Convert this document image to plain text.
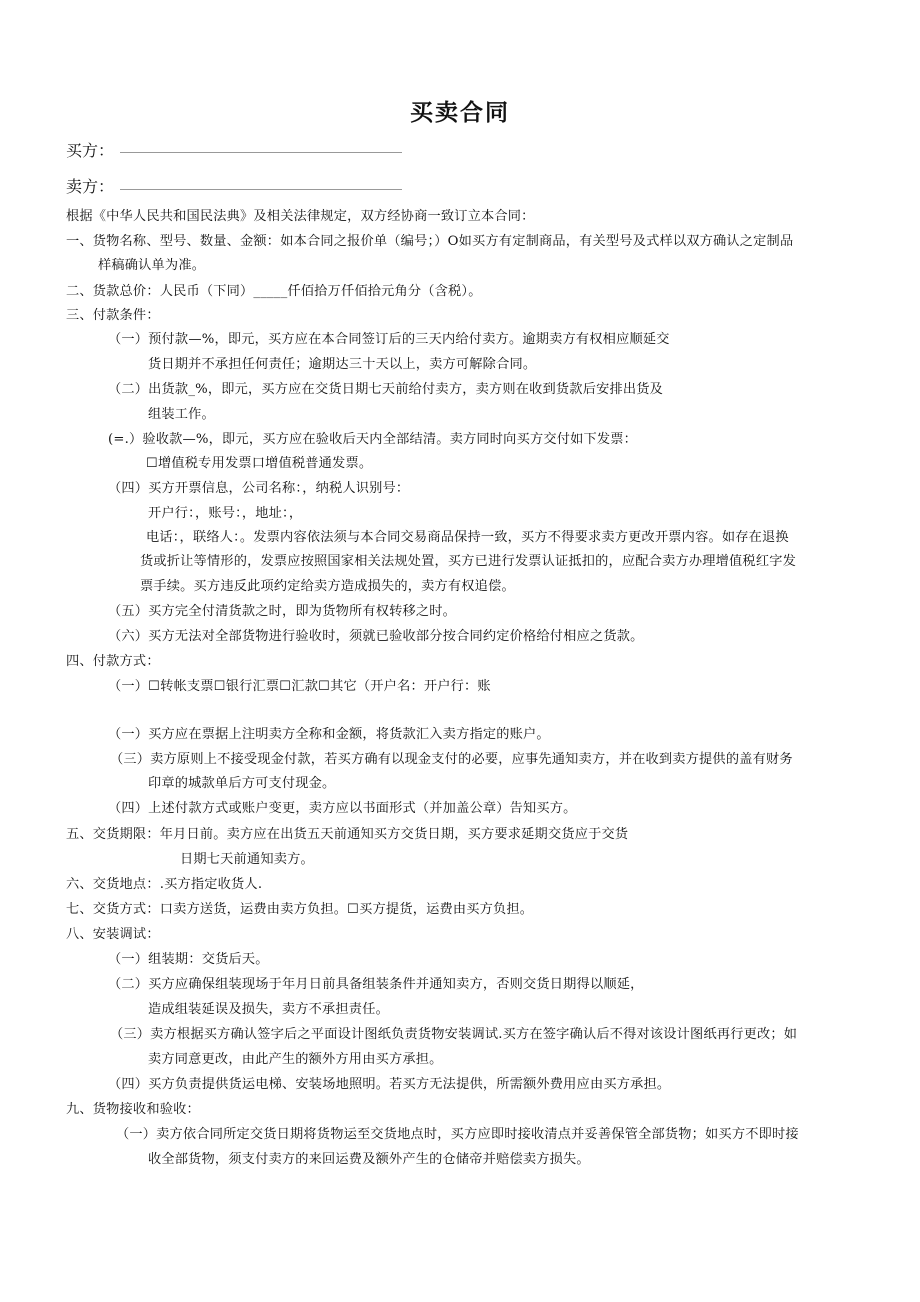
买卖合同
买方：
卖方：
根据《中华人民共和国民法典》及相关法律规定，双方经协商一致订立本合同：
一、货物名称、型号、数量、金额：如本合同之报价单（编号；）O如买方有定制商品，有关型号及式样以双方确认之定制品
样稿确认单为准。
二、货款总价：人民币（下同）_____仟佰拾万仟佰拾元角分（含税）。
三、付款条件：
（一）预付款—%，即元，买方应在本合同签订后的三天内给付卖方。逾期卖方有权相应顺延交
货日期并不承担任何责任；逾期达三十天以上，卖方可解除合同。
（二）出货款_%，即元，买方应在交货日期七天前给付卖方，卖方则在收到货款后安排出货及
组装工作。
(=.）验收款—%，即元，买方应在验收后天内全部结清。卖方同时向买方交付如下发票：
☐增值税专用发票口增值税普通发票。
（四）买方开票信息，公司名称：，纳税人识别号：
开户行：，账号：，地址：，
电话：，联络人：。发票内容依法须与本合同交易商品保持一致，买方不得要求卖方更改开票内容。如存在退换
货或折让等情形的，发票应按照国家相关法规处置，买方已进行发票认证抵扣的，应配合卖方办理增值税红字发
票手续。买方违反此项约定给卖方造成损失的，卖方有权追偿。
（五）买方完全付清货款之时，即为货物所有权转移之时。
（六）买方无法对全部货物进行验收时，须就已验收部分按合同约定价格给付相应之货款。
四、付款方式：
（一）☐转帐支票☐银行汇票☐汇款☐其它（开户名：开户行：账
（一）买方应在票据上注明卖方全称和金额，将货款汇入卖方指定的账户。
（三）卖方原则上不接受现金付款，若买方确有以现金支付的必要，应事先通知卖方，并在收到卖方提供的盖有财务
印章的城款单后方可支付现金。
（四）上述付款方式或账户变更，卖方应以书面形式（并加盖公章）告知买方。
五、交货期限：年月日前。卖方应在出货五天前通知买方交货日期，买方要求延期交货应于交货
日期七天前通知卖方。
六、交货地点：.买方指定收货人.
七、交货方式：口卖方送货，运费由卖方负担。☐买方提货，运费由买方负担。
八、安装调试：
（一）组装期：交货后天。
（二）买方应确保组装现场于年月日前具备组装条件并通知卖方，否则交货日期得以顺延，
造成组装延误及损失，卖方不承担责任。
（三）卖方根据买方确认签字后之平面设计图纸负责货物安装调试.买方在签字确认后不得对该设计图纸再行更改；如
卖方同意更改，由此产生的额外方用由买方承担。
（四）买方负责提供货运电梯、安装场地照明。若买方无法提供，所需额外费用应由买方承担。
九、货物接收和验收：
（一）卖方依合同所定交货日期将货物运至交货地点时，买方应即时接收清点并妥善保管全部货物；如买方不即时接
收全部货物，须支付卖方的来回运费及额外产生的仓储帝并赔偿卖方损失。
